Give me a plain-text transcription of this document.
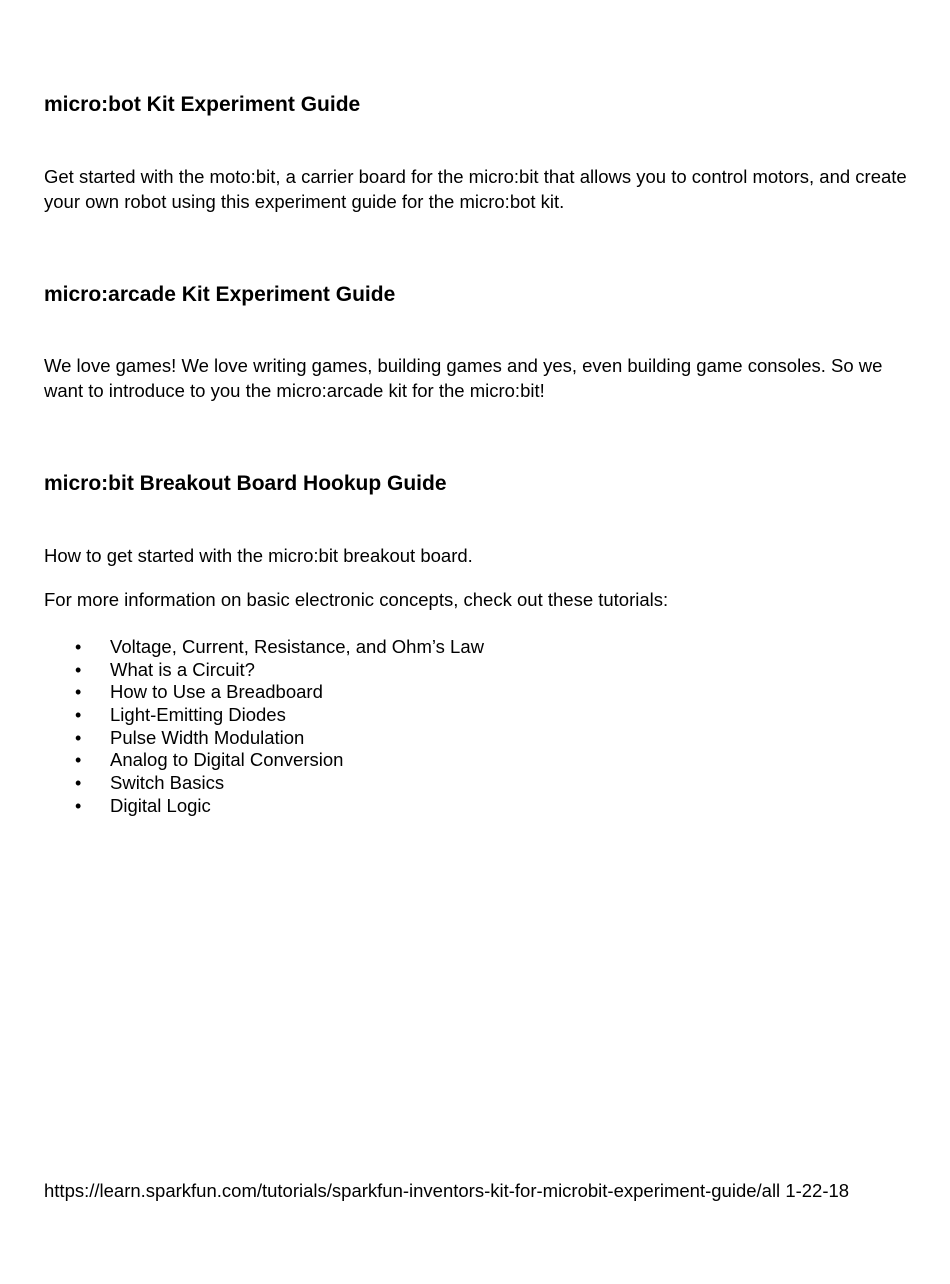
micro:bot Kit Experiment Guide

Get started with the moto:bit, a carrier board for the micro:bit that allows you to control motors, and create your own robot using this experiment guide for the micro:bot kit.

micro:arcade Kit Experiment Guide

We love games! We love writing games, building games and yes, even building game consoles. So we want to introduce to you the micro:arcade kit for the micro:bit!

micro:bit Breakout Board Hookup Guide

How to get started with the micro:bit breakout board.

For more information on basic electronic concepts, check out these tutorials:

• Voltage, Current, Resistance, and Ohm’s Law
• What is a Circuit?
• How to Use a Breadboard
• Light-Emitting Diodes
• Pulse Width Modulation
• Analog to Digital Conversion
• Switch Basics
• Digital Logic

https://learn.sparkfun.com/tutorials/sparkfun-inventors-kit-for-microbit-experiment-guide/all 1-22-18
